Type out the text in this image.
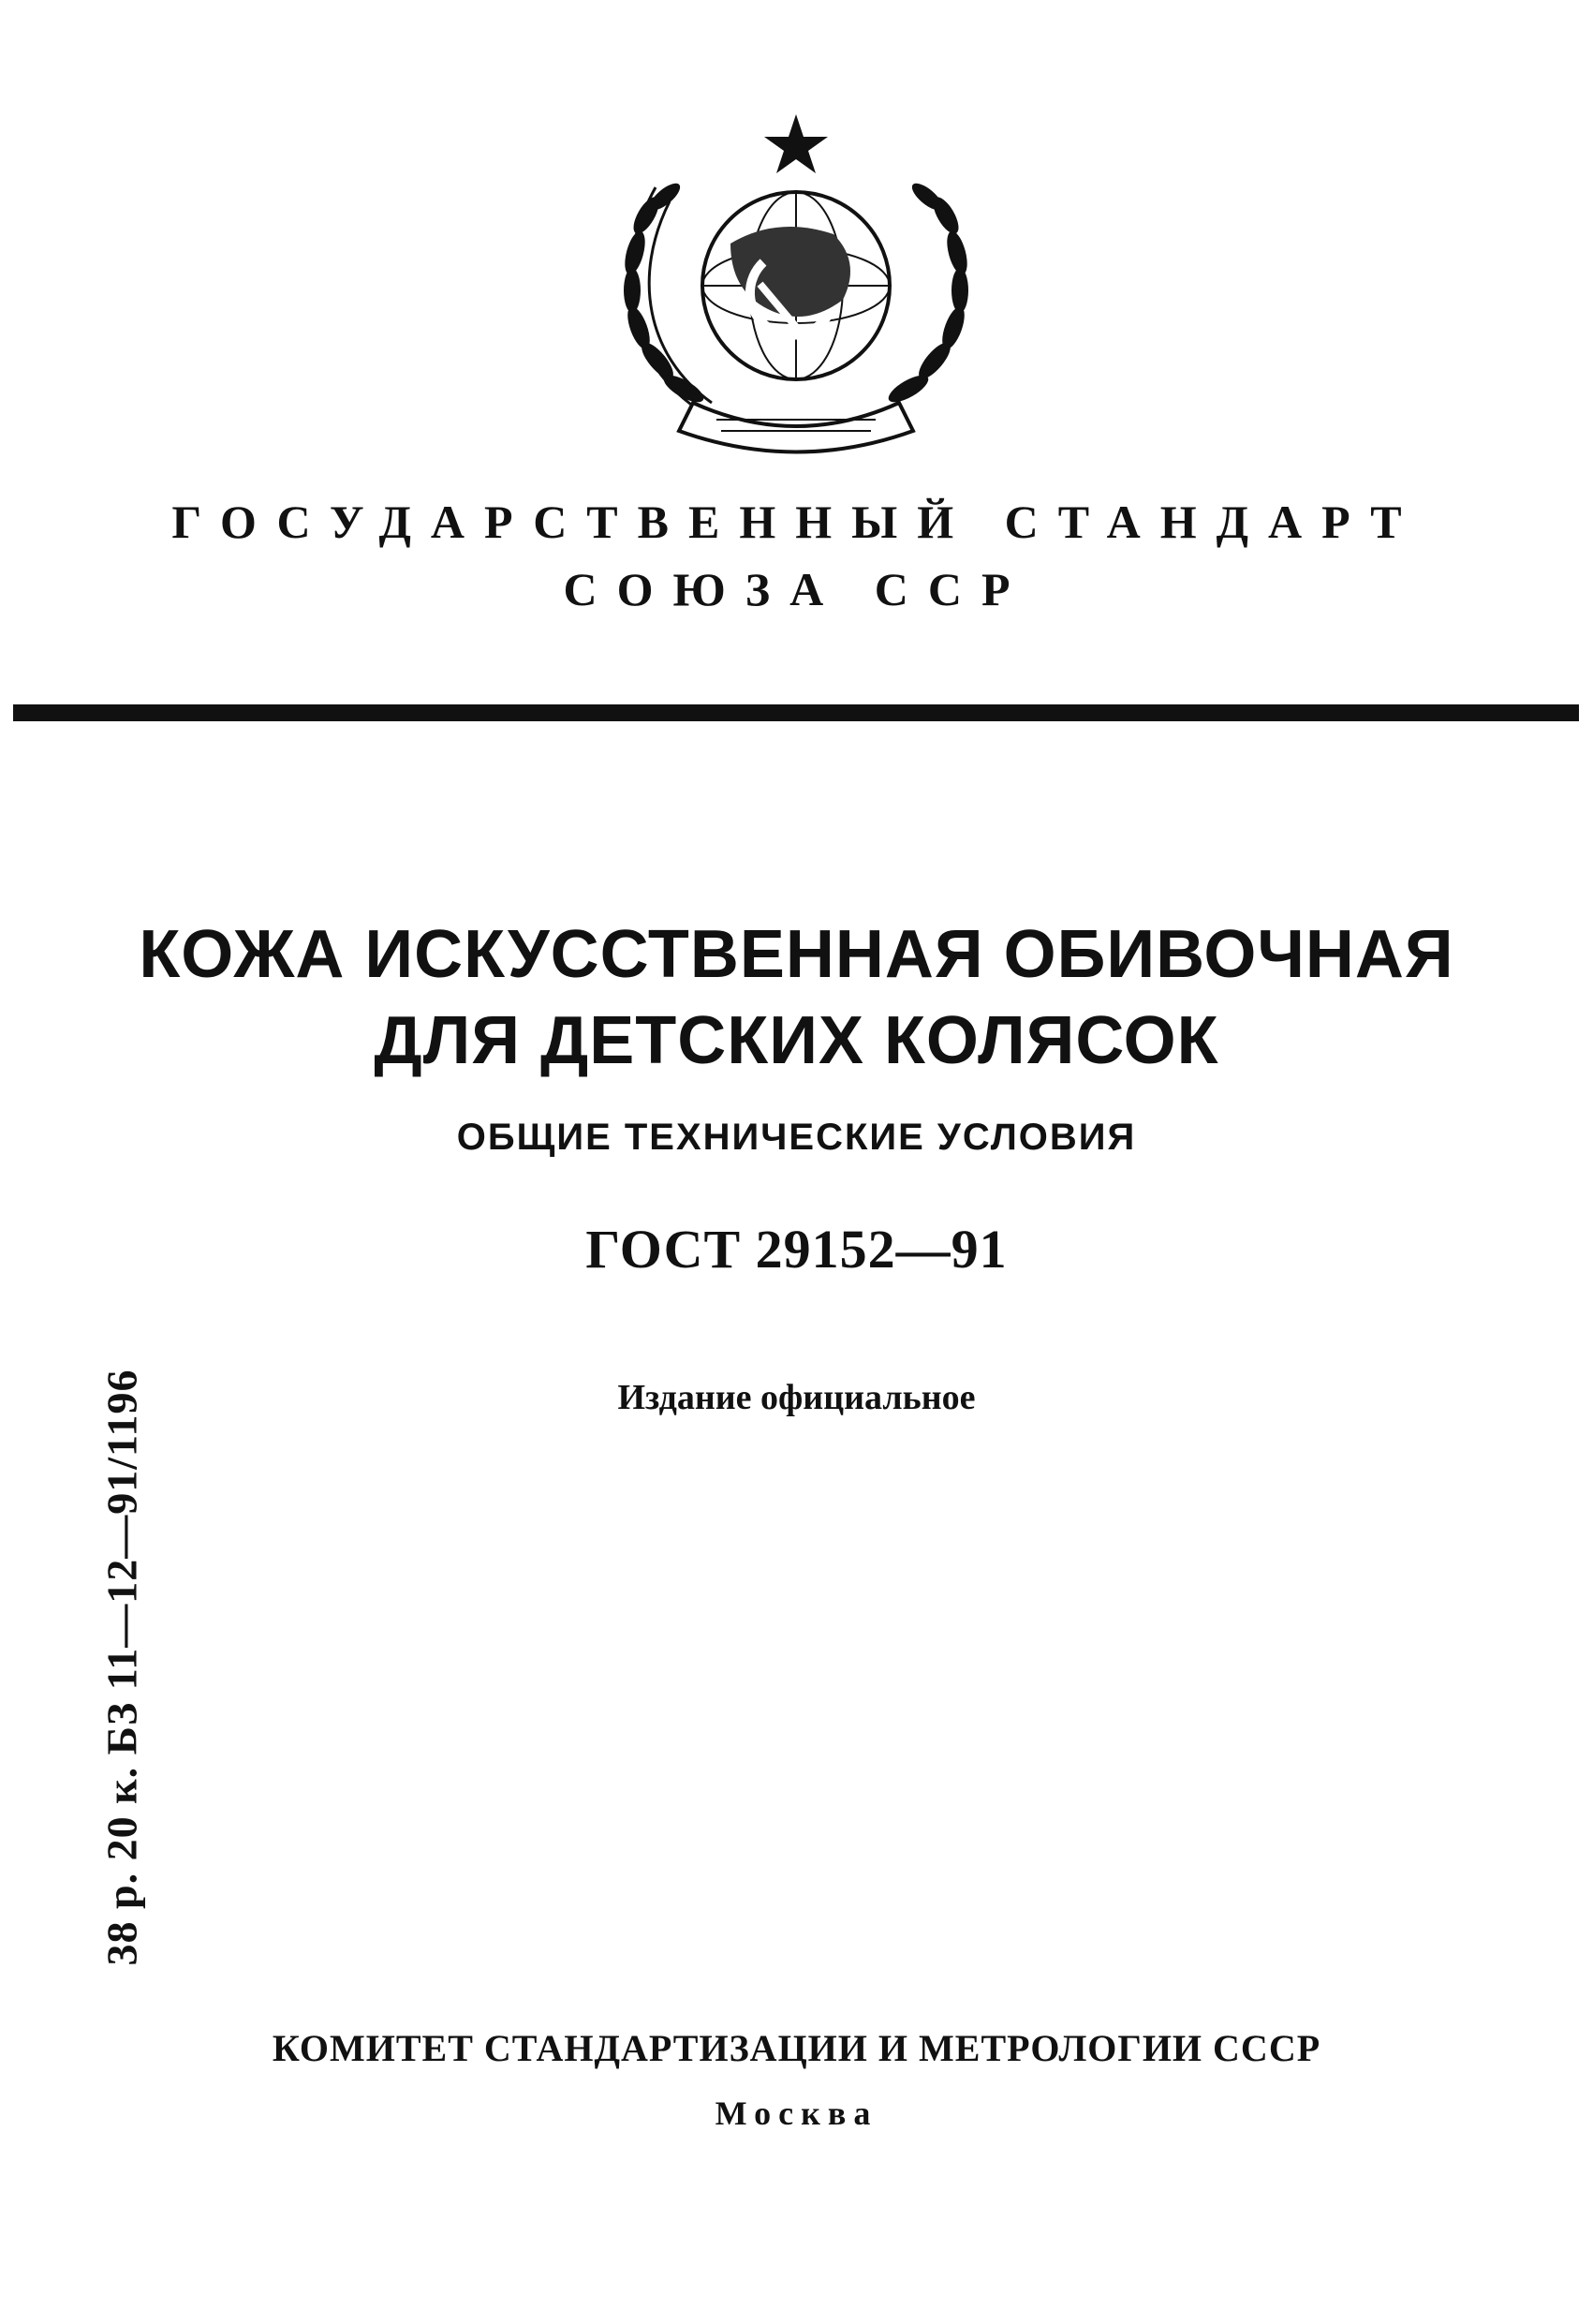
ГОСУДАРСТВЕННЫЙ СТАНДАРТ
СОЮЗА ССР
КОЖА ИСКУССТВЕННАЯ ОБИВОЧНАЯ
ДЛЯ ДЕТСКИХ КОЛЯСОК
ОБЩИЕ ТЕХНИЧЕСКИЕ УСЛОВИЯ
ГОСТ 29152—91
Издание официальное
38 р. 20 к. БЗ 11—12—91/1196
КОМИТЕТ СТАНДАРТИЗАЦИИ И МЕТРОЛОГИИ СССР
Москва
